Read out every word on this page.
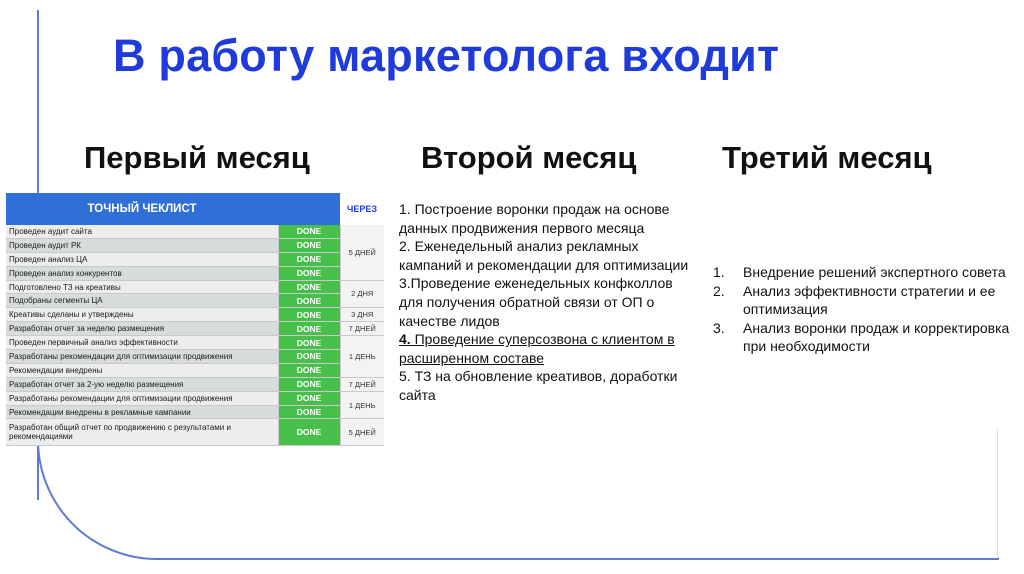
В работу маркетолога входит
Первый месяц	Второй месяц	Третий месяц
ТОЧНЫЙ ЧЕКЛИСТ		ЧЕРЕЗ
Проведен аудит сайта	DONE	5 ДНЕЙ
Проведен аудит РК	DONE	
Проведен анализ ЦА	DONE	
Проведен анализ конкурентов	DONE	
Подготовлено ТЗ на креативы	DONE	2 ДНЯ
Подобраны сегменты ЦА	DONE	
Креативы сделаны и утверждены	DONE	3 ДНЯ
Разработан отчет за неделю размещения	DONE	7 ДНЕЙ
Проведен первичный анализ эффективности	DONE	1 ДЕНЬ
Разработаны рекомендации для оптимизации продвижения	DONE	
Рекомендации внедрены	DONE	
Разработан отчет за 2-ую неделю размещения	DONE	7 ДНЕЙ
Разработаны рекомендации для оптимизации продвижения	DONE	1 ДЕНЬ
Рекомендации внедрены в рекламные кампании	DONE	
Разработан общий отчет по продвижению с результатами и рекомендациями	DONE	5 ДНЕЙ

1. Построение воронки продаж на основе данных продвижения первого месяца

2. Еженедельный анализ рекламных кампаний и рекомендации для оптимизации

3.Проведение еженедельных конфколлов для получения обратной связи от ОП о качестве лидов

4. Проведение суперсозвона с клиентом в расширенном составе

5. ТЗ на обновление креативов, доработки сайта

1.	Внедрение решений экспертного совета
2.	Анализ эффективности стратегии и ее оптимизация
3.	Анализ воронки продаж и корректировка при необходимости
